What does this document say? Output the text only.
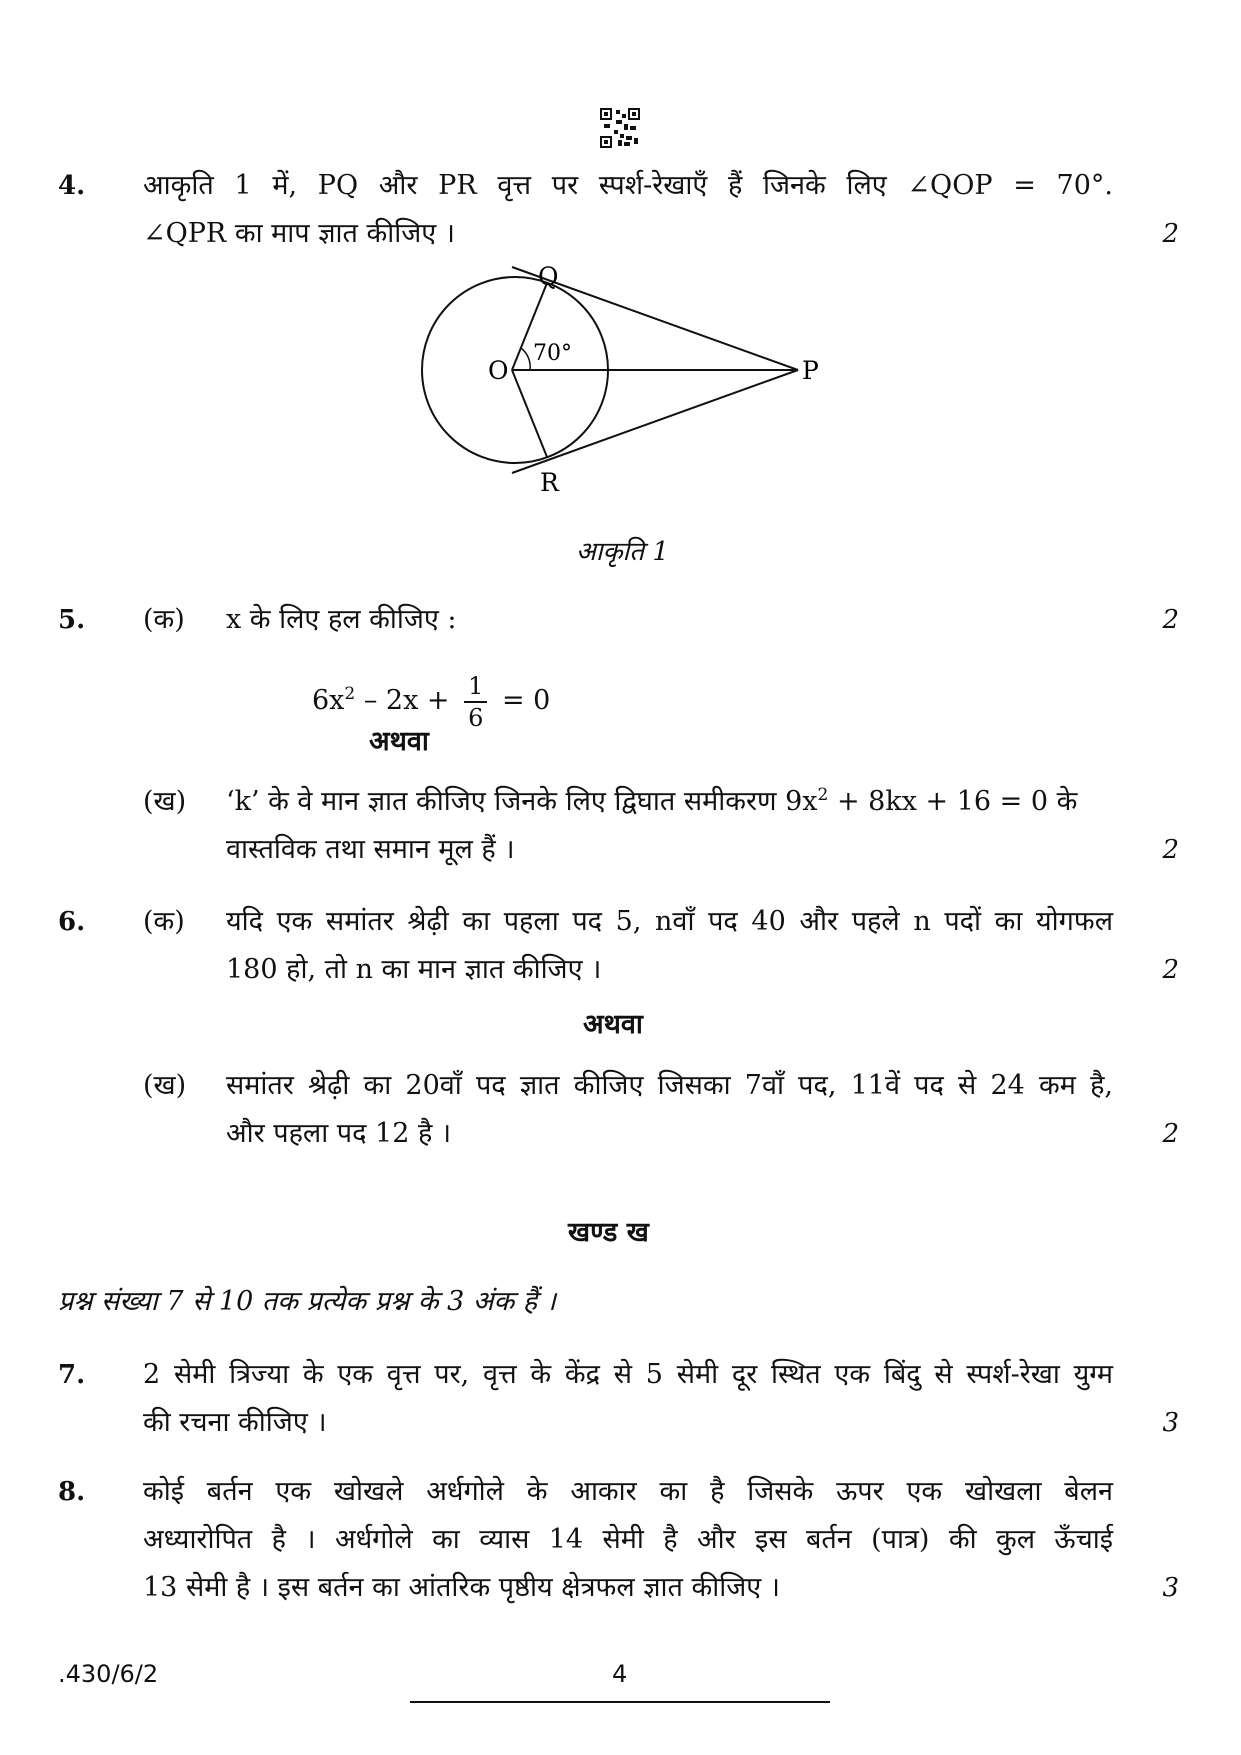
4. आकृति 1 में, PQ और PR वृत्त पर स्पर्श-रेखाएँ हैं जिनके लिए ∠QOP = 70°.
∠QPR का माप ज्ञात कीजिए ।	2
Q
O	P
R
70°
आकृति 1
5. (क) x के लिए हल कीजिए :	2
$6x^2 - 2x + \frac{1}{6} = 0$
अथवा
(ख) ‘k’ के वे मान ज्ञात कीजिए जिनके लिए द्विघात समीकरण $9x^2 + 8kx + 16 = 0$ के
वास्तविक तथा समान मूल हैं ।	2
6. (क) यदि एक समांतर श्रेढ़ी का पहला पद 5, nवाँ पद 40 और पहले n पदों का योगफल
180 हो, तो n का मान ज्ञात कीजिए ।	2
अथवा
(ख) समांतर श्रेढ़ी का 20वाँ पद ज्ञात कीजिए जिसका 7वाँ पद, 11वें पद से 24 कम है,
और पहला पद 12 है ।	2
खण्ड ख
प्रश्न संख्या 7 से 10 तक प्रत्येक प्रश्न के 3 अंक हैं ।
7. 2 सेमी त्रिज्या के एक वृत्त पर, वृत्त के केंद्र से 5 सेमी दूर स्थित एक बिंदु से स्पर्श-रेखा युग्म
की रचना कीजिए ।	3
8. कोई बर्तन एक खोखले अर्धगोले के आकार का है जिसके ऊपर एक खोखला बेलन
अध्यारोपित है । अर्धगोले का व्यास 14 सेमी है और इस बर्तन (पात्र) की कुल ऊँचाई
13 सेमी है । इस बर्तन का आंतरिक पृष्ठीय क्षेत्रफल ज्ञात कीजिए ।	3
.430/6/2	4
